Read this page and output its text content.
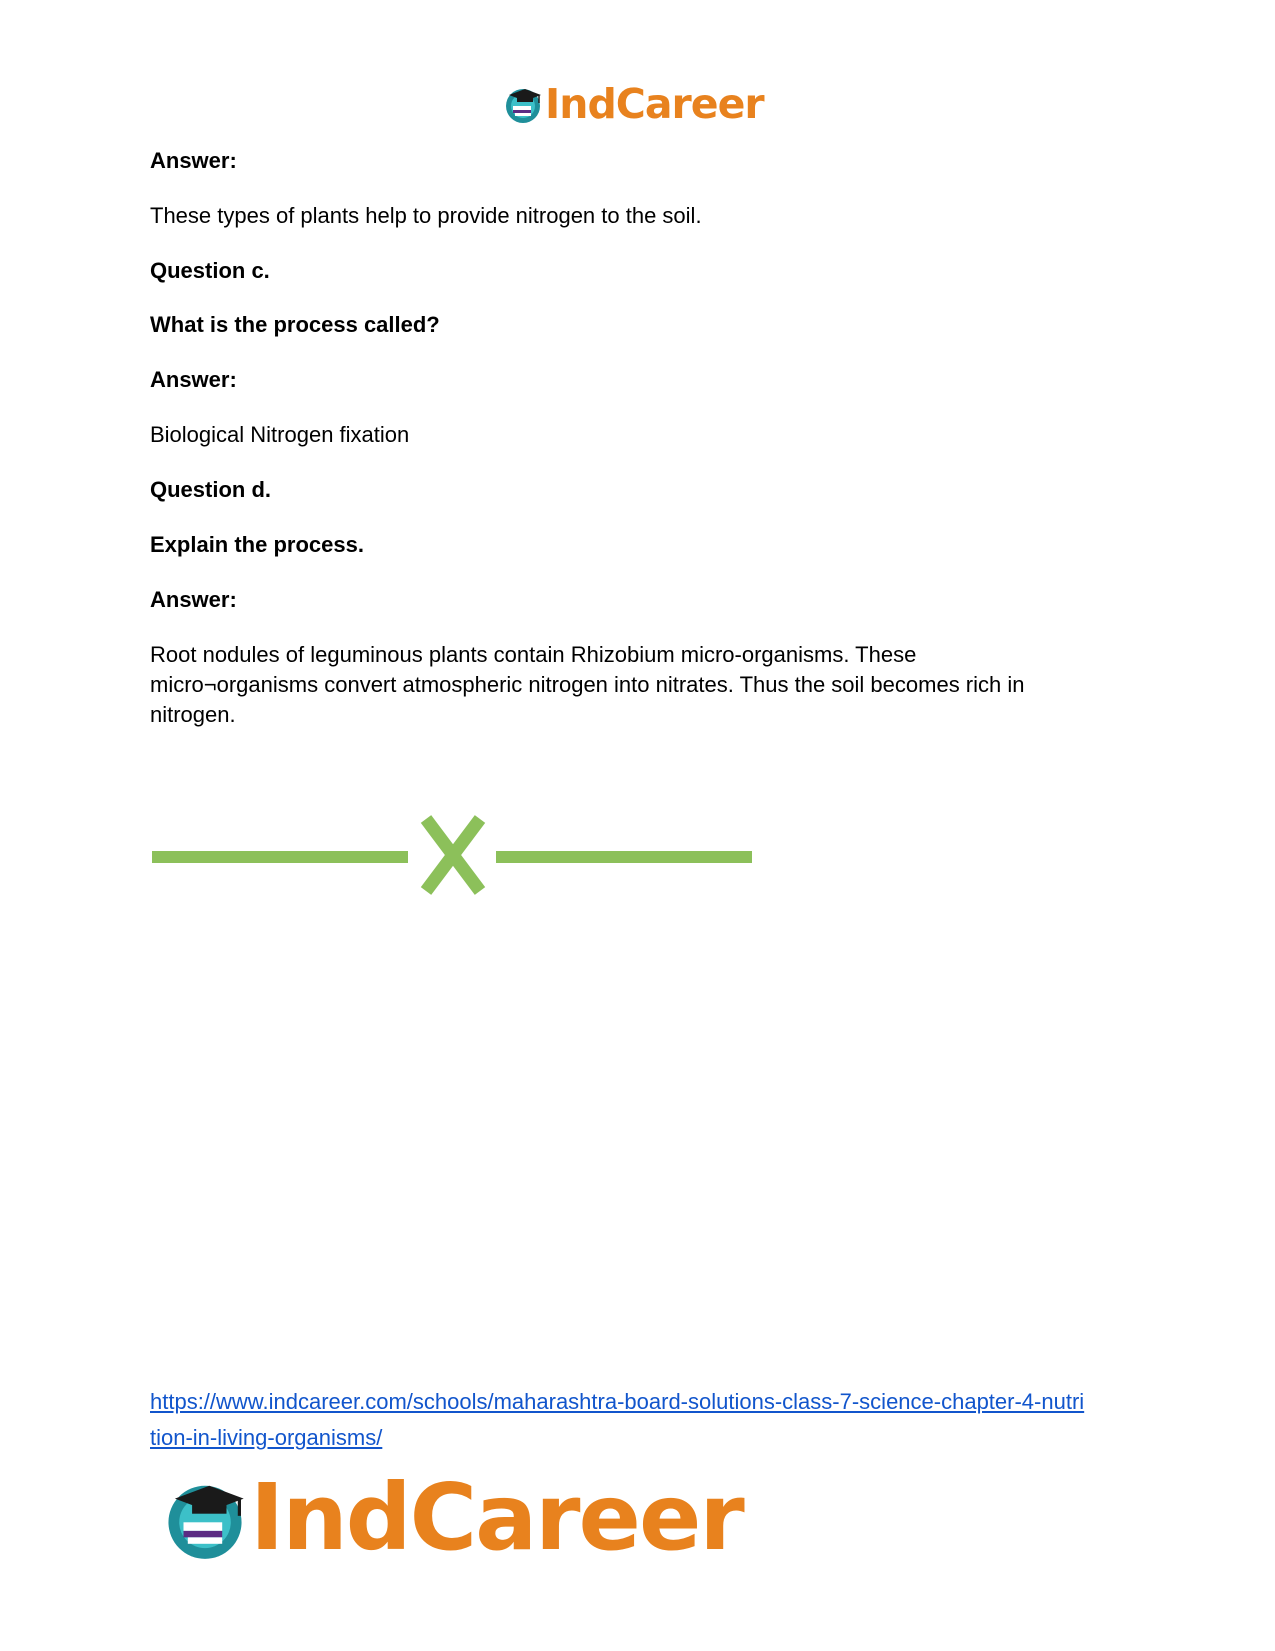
IndCareer
Answer:
These types of plants help to provide nitrogen to the soil.
Question c.
What is the process called?
Answer:
Biological Nitrogen fixation
Question d.
Explain the process.
Answer:
Root nodules of leguminous plants contain Rhizobium micro-organisms. These
micro¬organisms convert atmospheric nitrogen into nitrates. Thus the soil becomes rich in
nitrogen.
https://www.indcareer.com/schools/maharashtra-board-solutions-class-7-science-chapter-4-nutri
tion-in-living-organisms/
IndCareer
